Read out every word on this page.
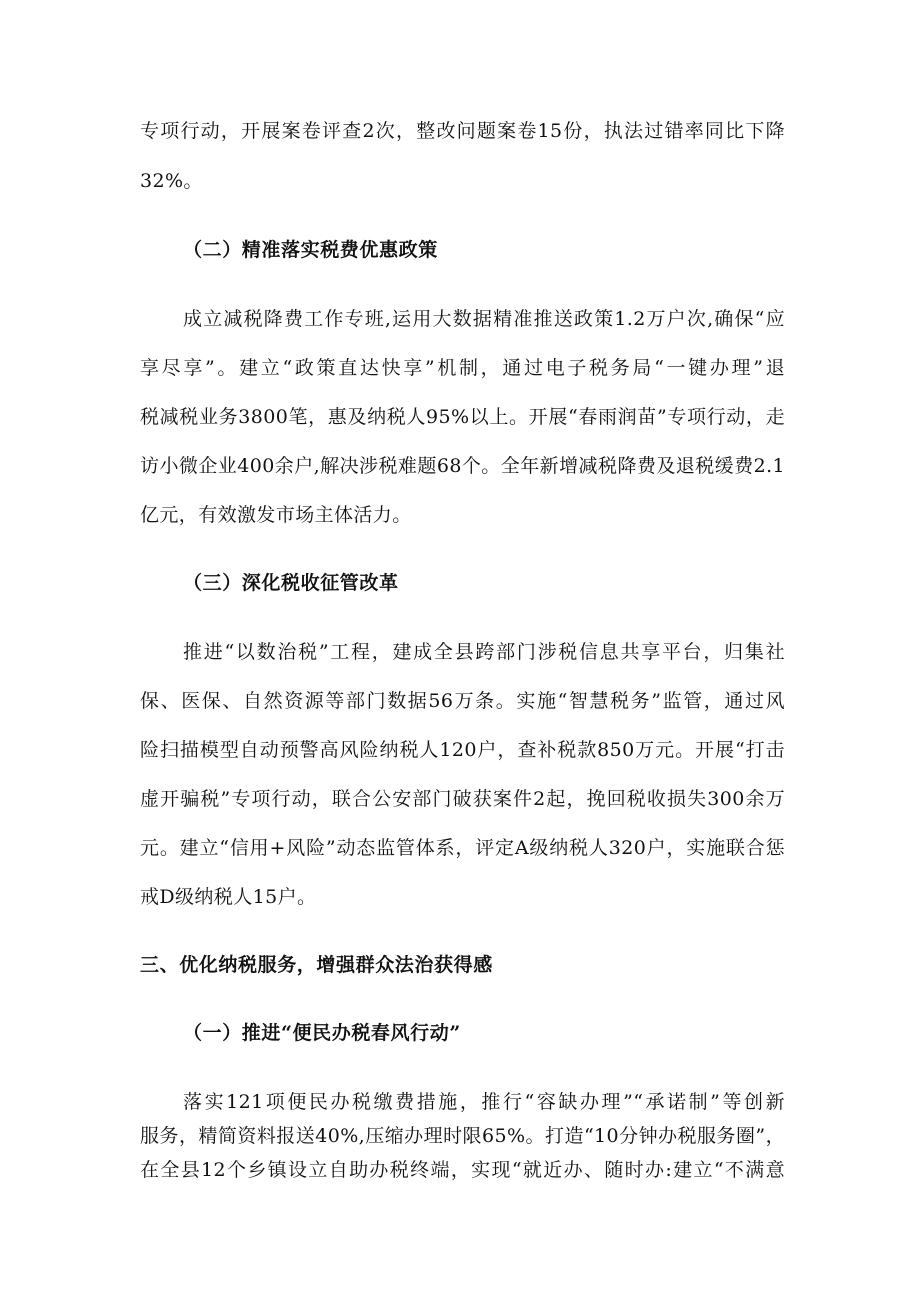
专项行动，开展案卷评查2次，整改问题案卷15份，执法过错率同比下降
32%。
（二）精准落实税费优惠政策
成立减税降费工作专班,运用大数据精准推送政策1.2万户次,确保“应
享尽享”。建立“政策直达快享”机制，通过电子税务局“一键办理”退
税减税业务3800笔，惠及纳税人95%以上。开展“春雨润苗”专项行动，走
访小微企业400余户,解决涉税难题68个。全年新增减税降费及退税缓费2.1
亿元，有效激发市场主体活力。
（三）深化税收征管改革
推进“以数治税”工程，建成全县跨部门涉税信息共享平台，归集社
保、医保、自然资源等部门数据56万条。实施“智慧税务”监管，通过风
险扫描模型自动预警高风险纳税人120户，查补税款850万元。开展“打击
虚开骗税”专项行动，联合公安部门破获案件2起，挽回税收损失300余万
元。建立“信用+风险”动态监管体系，评定A级纳税人320户，实施联合惩
戒D级纳税人15户。
三、优化纳税服务，增强群众法治获得感
（一）推进“便民办税春风行动”
落实121项便民办税缴费措施，推行“容缺办理”“承诺制”等创新
服务，精简资料报送40%,压缩办理时限65%。打造“10分钟办税服务圈”，
在全县12个乡镇设立自助办税终端，实现“就近办、随时办:建立“不满意
